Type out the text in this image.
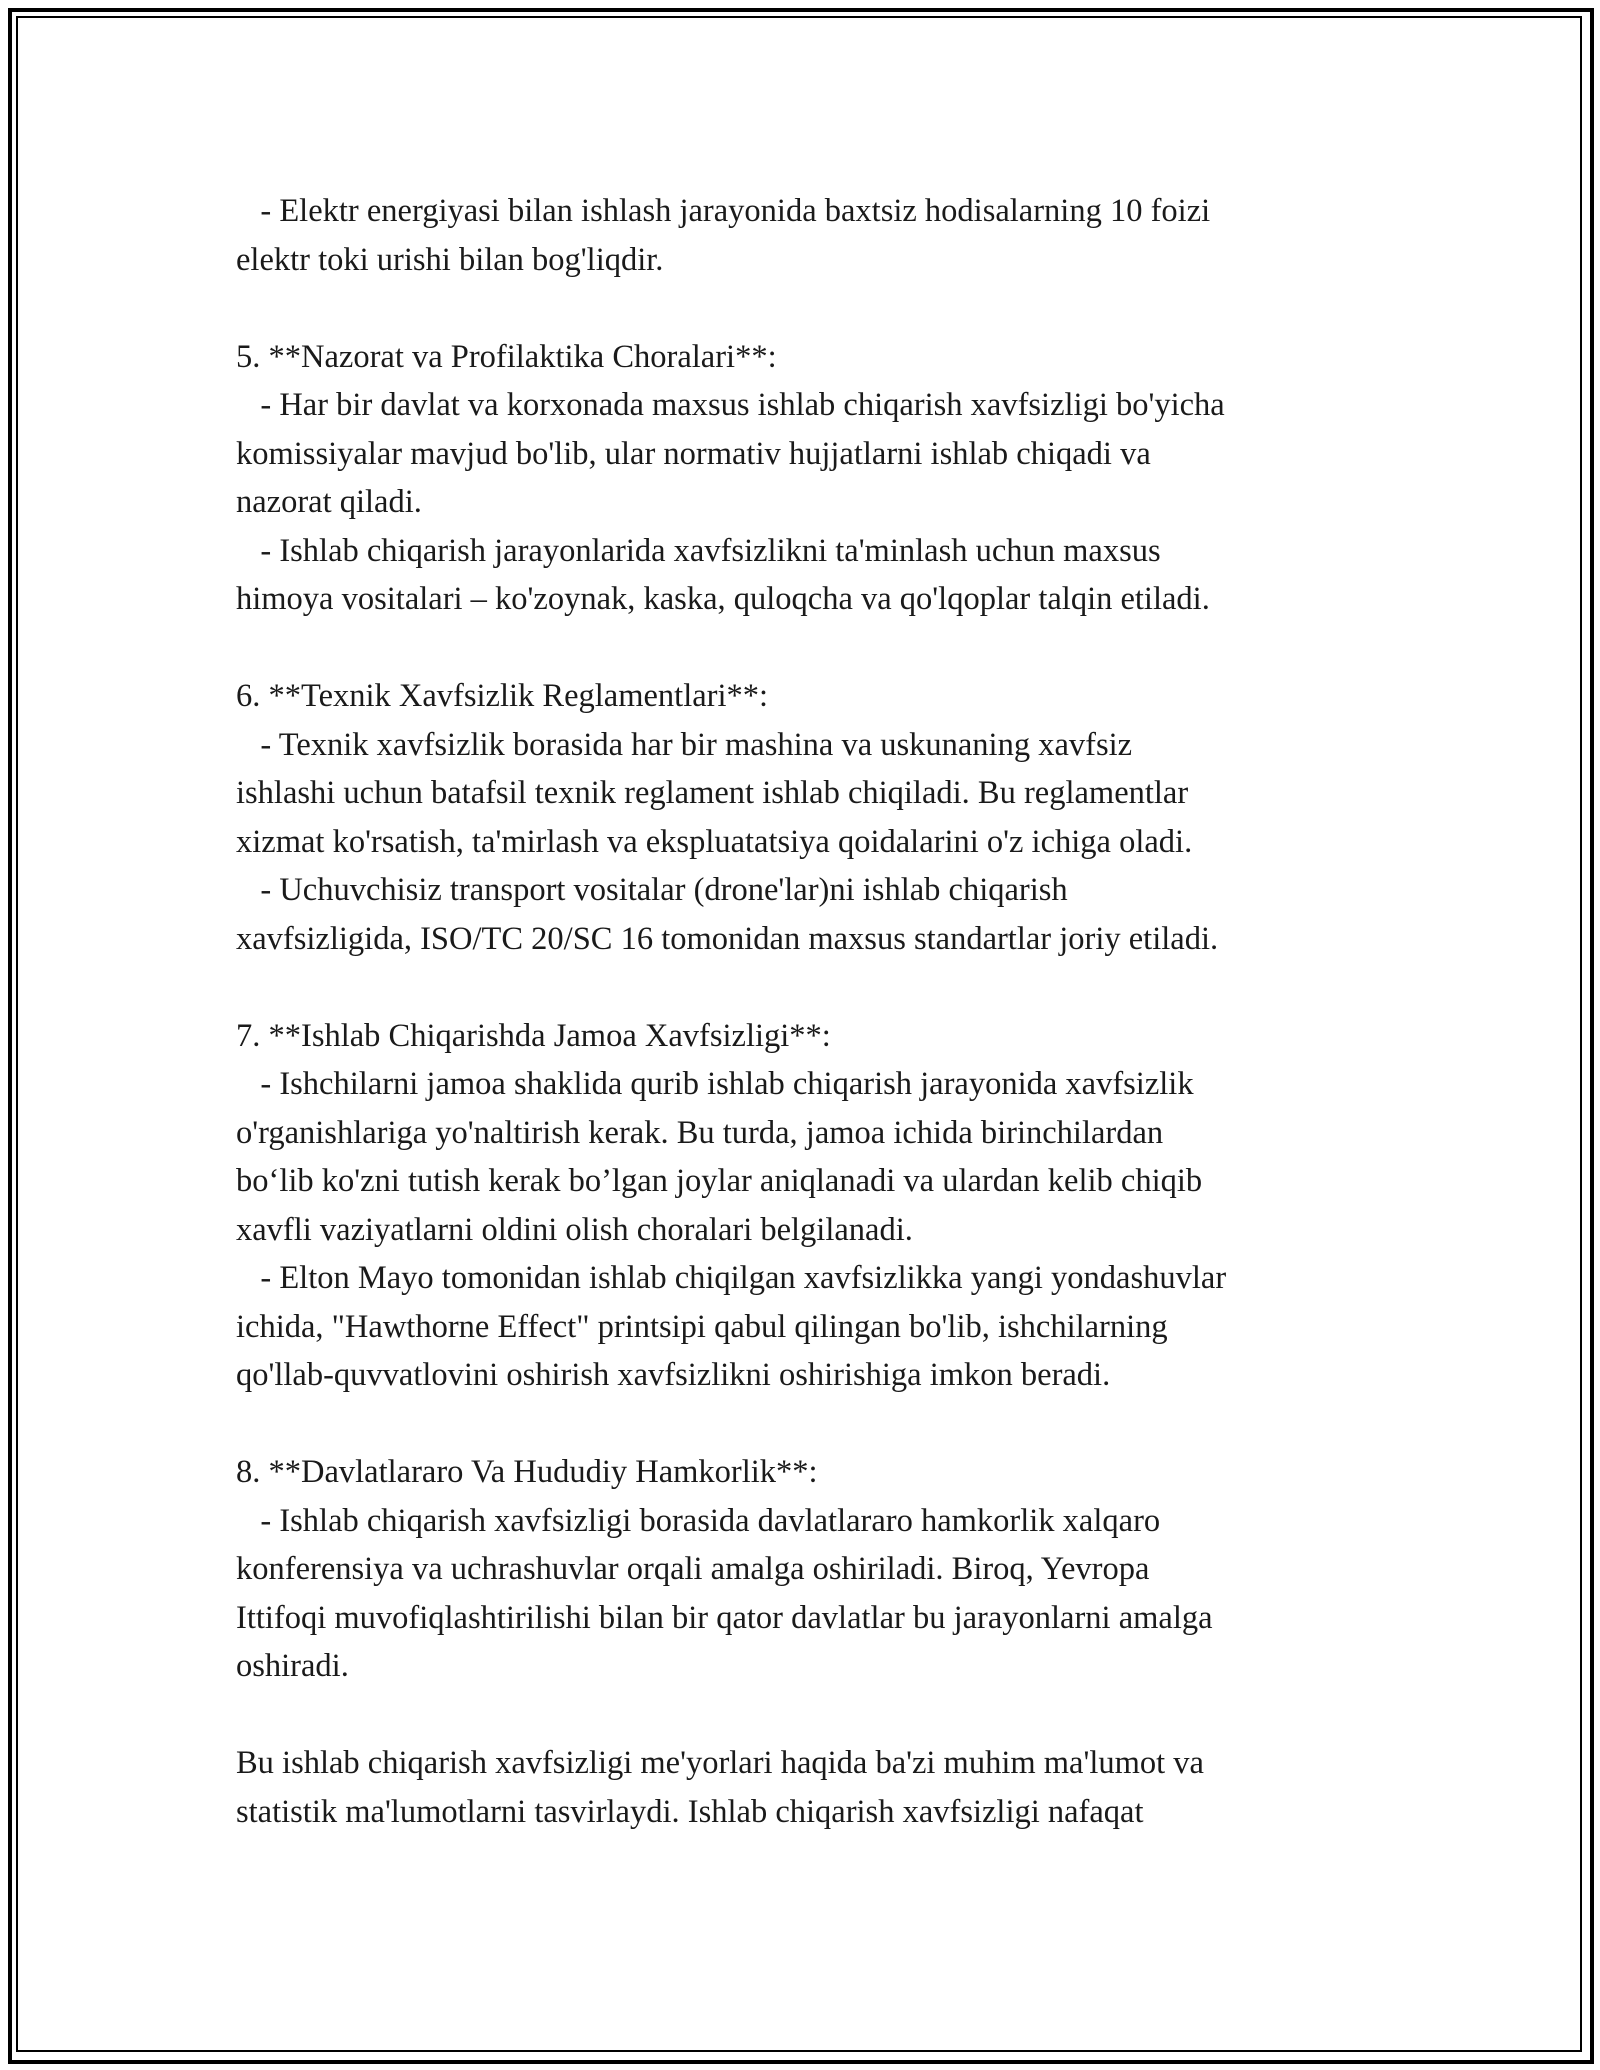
- Elektr energiyasi bilan ishlash jarayonida baxtsiz hodisalarning 10 foizi
elektr toki urishi bilan bog'liqdir.
5. **Nazorat va Profilaktika Choralari**:
- Har bir davlat va korxonada maxsus ishlab chiqarish xavfsizligi bo'yicha
komissiyalar mavjud bo'lib, ular normativ hujjatlarni ishlab chiqadi va
nazorat qiladi.
- Ishlab chiqarish jarayonlarida xavfsizlikni ta'minlash uchun maxsus
himoya vositalari – ko'zoynak, kaska, quloqcha va qo'lqoplar talqin etiladi.
6. **Texnik Xavfsizlik Reglamentlari**:
- Texnik xavfsizlik borasida har bir mashina va uskunaning xavfsiz
ishlashi uchun batafsil texnik reglament ishlab chiqiladi. Bu reglamentlar
xizmat ko'rsatish, ta'mirlash va ekspluatatsiya qoidalarini o'z ichiga oladi.
- Uchuvchisiz transport vositalar (drone'lar)ni ishlab chiqarish
xavfsizligida, ISO/TC 20/SC 16 tomonidan maxsus standartlar joriy etiladi.
7. **Ishlab Chiqarishda Jamoa Xavfsizligi**:
- Ishchilarni jamoa shaklida qurib ishlab chiqarish jarayonida xavfsizlik
o'rganishlariga yo'naltirish kerak. Bu turda, jamoa ichida birinchilardan
bo‘lib ko'zni tutish kerak bo’lgan joylar aniqlanadi va ulardan kelib chiqib
xavfli vaziyatlarni oldini olish choralari belgilanadi.
- Elton Mayo tomonidan ishlab chiqilgan xavfsizlikka yangi yondashuvlar
ichida, "Hawthorne Effect" printsipi qabul qilingan bo'lib, ishchilarning
qo'llab-quvvatlovini oshirish xavfsizlikni oshirishiga imkon beradi.
8. **Davlatlararo Va Hududiy Hamkorlik**:
- Ishlab chiqarish xavfsizligi borasida davlatlararo hamkorlik xalqaro
konferensiya va uchrashuvlar orqali amalga oshiriladi. Biroq, Yevropa
Ittifoqi muvofiqlashtirilishi bilan bir qator davlatlar bu jarayonlarni amalga
oshiradi.
Bu ishlab chiqarish xavfsizligi me'yorlari haqida ba'zi muhim ma'lumot va
statistik ma'lumotlarni tasvirlaydi. Ishlab chiqarish xavfsizligi nafaqat
